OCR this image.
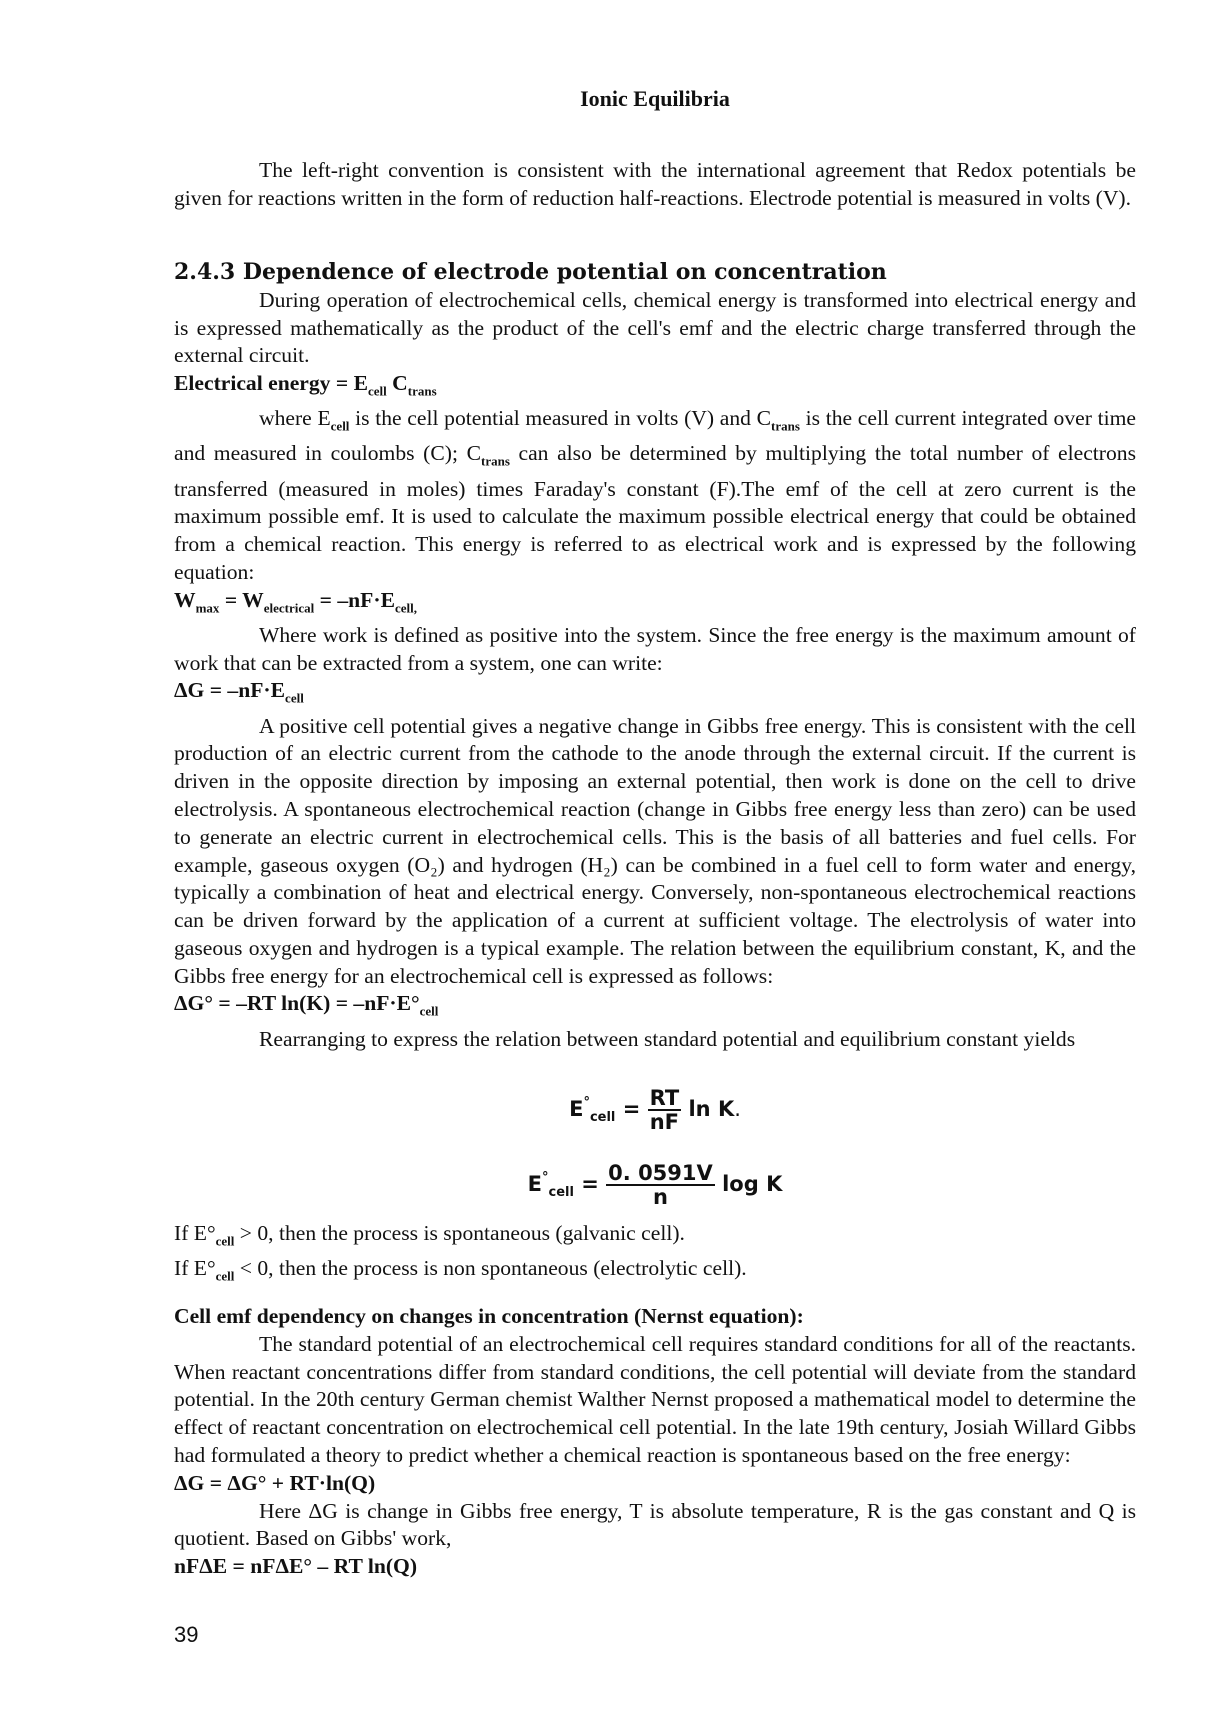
Ionic Equilibria

The left-right convention is consistent with the international agreement that Redox potentials be given for reactions written in the form of reduction half-reactions. Electrode potential is measured in volts (V).

2.4.3 Dependence of electrode potential on concentration

During operation of electrochemical cells, chemical energy is transformed into electrical energy and is expressed mathematically as the product of the cell's emf and the electric charge transferred through the external circuit.

Electrical energy = $E_{cell}$ $C_{trans}$

where $E_{cell}$ is the cell potential measured in volts (V) and $C_{trans}$ is the cell current integrated over time and measured in coulombs (C); $C_{trans}$ can also be determined by multiplying the total number of electrons transferred (measured in moles) times Faraday's constant (F).The emf of the cell at zero current is the maximum possible emf. It is used to calculate the maximum possible electrical energy that could be obtained from a chemical reaction. This energy is referred to as electrical work and is expressed by the following equation:

$W_{max} = W_{electrical} = -nF\cdot E_{cell,}$

Where work is defined as positive into the system. Since the free energy is the maximum amount of work that can be extracted from a system, one can write:

$\Delta G = -nF\cdot E_{cell}$

A positive cell potential gives a negative change in Gibbs free energy. This is consistent with the cell production of an electric current from the cathode to the anode through the external circuit. If the current is driven in the opposite direction by imposing an external potential, then work is done on the cell to drive electrolysis. A spontaneous electrochemical reaction (change in Gibbs free energy less than zero) can be used to generate an electric current in electrochemical cells. This is the basis of all batteries and fuel cells. For example, gaseous oxygen (O₂) and hydrogen (H₂) can be combined in a fuel cell to form water and energy, typically a combination of heat and electrical energy. Conversely, non-spontaneous electrochemical reactions can be driven forward by the application of a current at sufficient voltage. The electrolysis of water into gaseous oxygen and hydrogen is a typical example. The relation between the equilibrium constant, K, and the Gibbs free energy for an electrochemical cell is expressed as follows:

ΔG° = –RT $\ln(K) = -nF\cdot E^\circ_{cell}$

Rearranging to express the relation between standard potential and equilibrium constant yields

$E^\circ_{cell} = \frac{RT}{nF}$ ln K.
$E^\circ_{cell} = \frac{0. 0591V}{n}$ log K

If $E^\circ_{cell} > 0$, then the process is spontaneous (galvanic cell).

If $E^\circ_{cell} < 0$, then the process is non spontaneous (electrolytic cell).

Cell emf dependency on changes in concentration (Nernst equation):

The standard potential of an electrochemical cell requires standard conditions for all of the reactants. When reactant concentrations differ from standard conditions, the cell potential will deviate from the standard potential. In the 20th century German chemist Walther Nernst proposed a mathematical model to determine the effect of reactant concentration on electrochemical cell potential. In the late 19th century, Josiah Willard Gibbs had formulated a theory to predict whether a chemical reaction is spontaneous based on the free energy:

ΔG = ΔG° + RT·ln(Q)

Here ΔG is change in Gibbs free energy, T is absolute temperature, R is the gas constant and Q is quotient. Based on Gibbs' work,

nFΔE = nFΔE° – RT ln(Q)

39
